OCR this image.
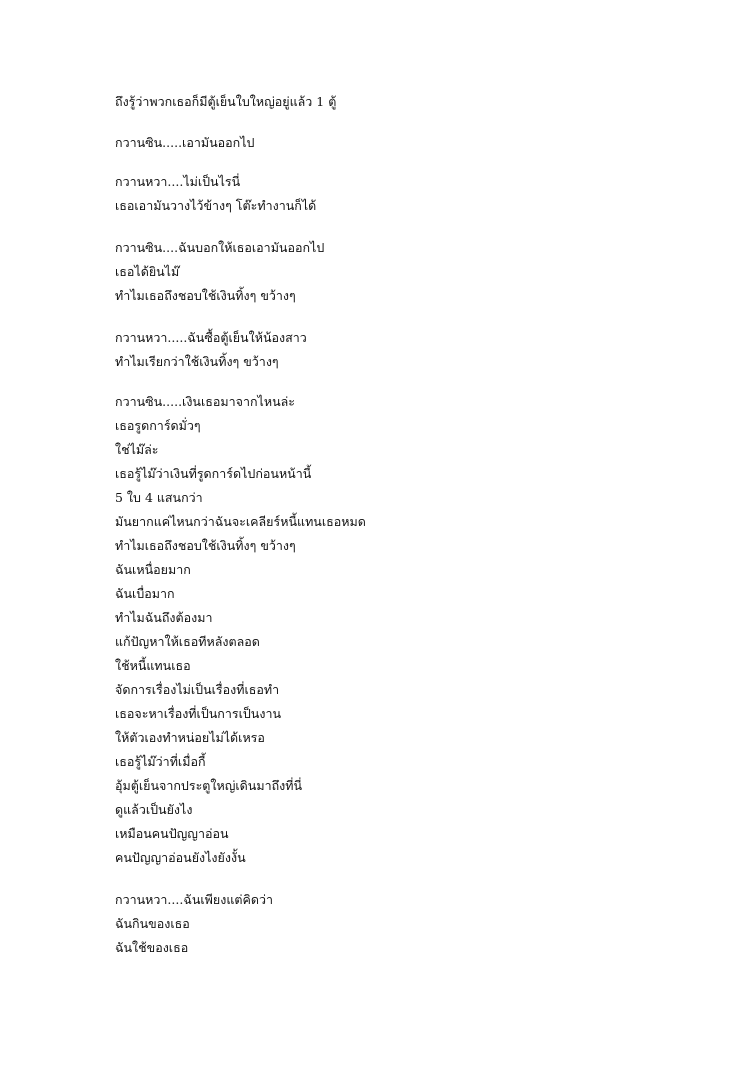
ถึงรู้ว่าพวกเธอก็มีตู้เย็นใบใหญ่อยู่แล้ว 1 ตู้
กวานซิน.....เอามันออกไป
กวานหวา....ไม่เป็นไรนี่
เธอเอามันวางไว้ข้างๆ โต๊ะทำงานก็ได้
กวานซิน....ฉันบอกให้เธอเอามันออกไป
เธอได้ยินไม๊
ทำไมเธอถึงชอบใช้เงินทิ้งๆ ขว้างๆ
กวานหวา.....ฉันซื้อตู้เย็นให้น้องสาว
ทำไมเรียกว่าใช้เงินทิ้งๆ ขว้างๆ
กวานซิน.....เงินเธอมาจากไหนล่ะ
เธอรูดการ์ดมั่วๆ
ใช่ไม๊ล่ะ
เธอรู้ไม๊ว่าเงินที่รูดการ์ดไปก่อนหน้านี้
5 ใบ 4 แสนกว่า
มันยากแค่ไหนกว่าฉันจะเคลียร์หนี้แทนเธอหมด
ทำไมเธอถึงชอบใช้เงินทิ้งๆ ขว้างๆ
ฉันเหนื่อยมาก
ฉันเบื่อมาก
ทำไมฉันถึงต้องมา
แก้ปัญหาให้เธอทีหลังตลอด
ใช้หนี้แทนเธอ
จัดการเรื่องไม่เป็นเรื่องที่เธอทำ
เธอจะหาเรื่องที่เป็นการเป็นงาน
ให้ตัวเองทำหน่อยไม่ได้เหรอ
เธอรู้ไม๊ว่าที่เมื่อกี้
อุ้มตู้เย็นจากประตูใหญ่เดินมาถึงที่นี่
ดูแล้วเป็นยังไง
เหมือนคนปัญญาอ่อน
คนปัญญาอ่อนยังไงยังงั้น
กวานหวา....ฉันเพียงแต่คิดว่า
ฉันกินของเธอ
ฉันใช้ของเธอ
